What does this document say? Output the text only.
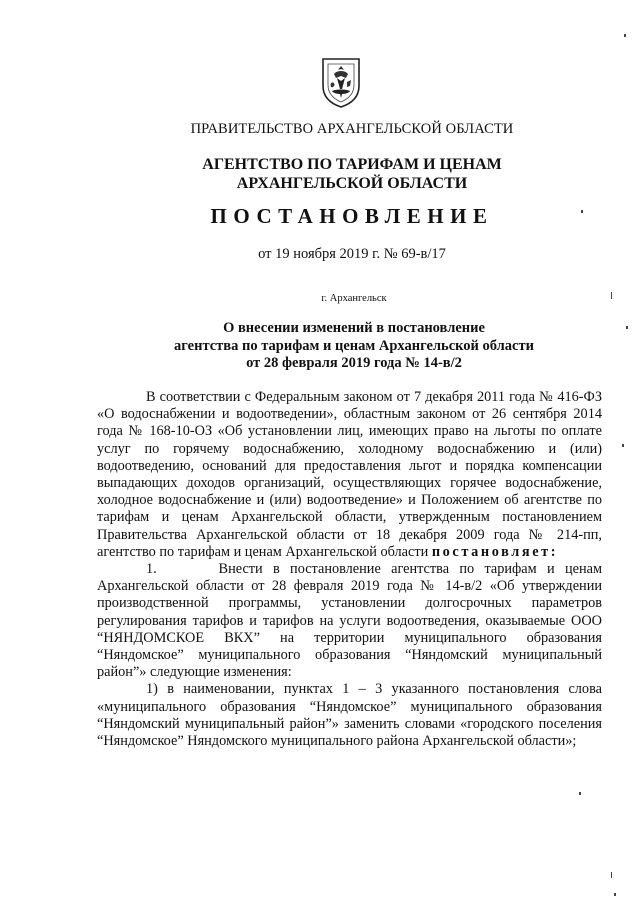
ПРАВИТЕЛЬСТВО АРХАНГЕЛЬСКОЙ ОБЛАСТИ
АГЕНТСТВО ПО ТАРИФАМ И ЦЕНАМ
АРХАНГЕЛЬСКОЙ ОБЛАСТИ
ПОСТАНОВЛЕНИЕ
от 19 ноября 2019 г. № 69-в/17
г. Архангельск
О внесении изменений в постановление
агентства по тарифам и ценам Архангельской области
от 28 февраля 2019 года № 14-в/2

В соответствии с Федеральным законом от 7 декабря 2011 года № 416-ФЗ «О водоснабжении и водоотведении», областным законом от 26 сентября 2014 года № 168-10-ОЗ «Об установлении лиц, имеющих право на льготы по оплате услуг по горячему водоснабжению, холодному водоснабжению и (или) водоотведению, оснований для предоставления льгот и порядка компенсации выпадающих доходов организаций, осуществляющих горячее водоснабжение, холодное водоснабжение и (или) водоотведение» и Положением об агентстве по тарифам и ценам Архангельской области, утвержденным постановлением Правительства Архангельской области от 18 декабря 2009 года № 214-пп, агентство по тарифам и ценам Архангельской области постановляет:

1.      Внести в постановление агентства по тарифам и ценам Архангельской области от 28 февраля 2019 года № 14-в/2 «Об утверждении производственной программы, установлении долгосрочных параметров регулирования тарифов и тарифов на услуги водоотведения, оказываемые ООО “НЯНДОМСКОЕ ВКХ” на территории муниципального образования “Няндомское” муниципального образования “Няндомский муниципальный район”» следующие изменения:

1) в наименовании, пунктах 1 – 3 указанного постановления слова «муниципального образования “Няндомское” муниципального образования “Няндомский муниципальный район”» заменить словами «городского поселения “Няндомское” Няндомского муниципального района Архангельской области»;
